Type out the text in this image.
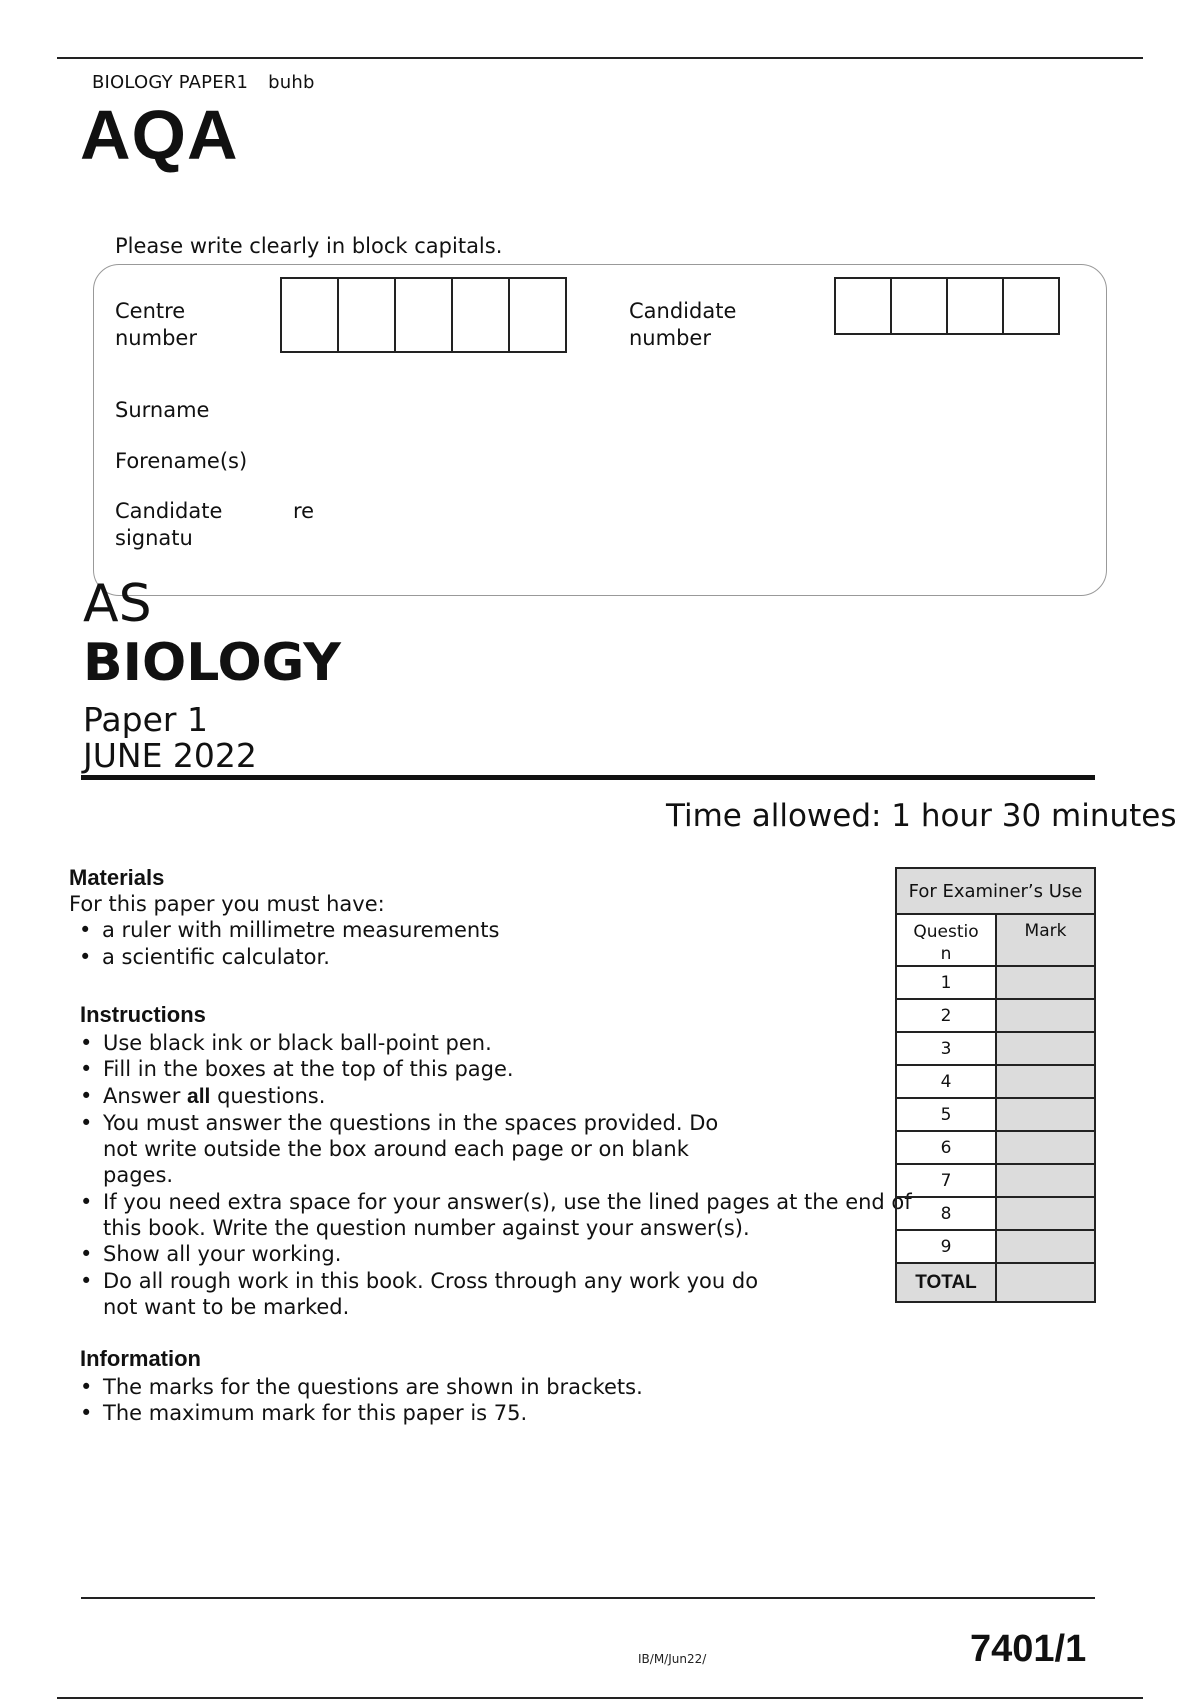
BIOLOGY PAPER1 buhb
AQA
Please write clearly in block capitals.
Centre
number
Candidate
number
Surname
Forename(s)
Candidate
signatu
re
AS
BIOLOGY
Paper 1
JUNE 2022
Time allowed: 1 hour 30 minutes
Materials
For this paper you must have:
• a ruler with millimetre measurements
• a scientific calculator.
Instructions
• Use black ink or black ball-point pen.
• Fill in the boxes at the top of this page.
• Answer all questions.
• You must answer the questions in the spaces provided. Do
not write outside the box around each page or on blank
pages.
• If you need extra space for your answer(s), use the lined pages at the end of
this book. Write the question number against your answer(s).
• Show all your working.
• Do all rough work in this book. Cross through any work you do
not want to be marked.
Information
• The marks for the questions are shown in brackets.
• The maximum mark for this paper is 75.
For Examiner’s Use	

Questio
n	Mark
1	
2	
3	
4	
5	
6	
7	
8	
9	
TOTAL	
IB/M/Jun22/	7401/1
